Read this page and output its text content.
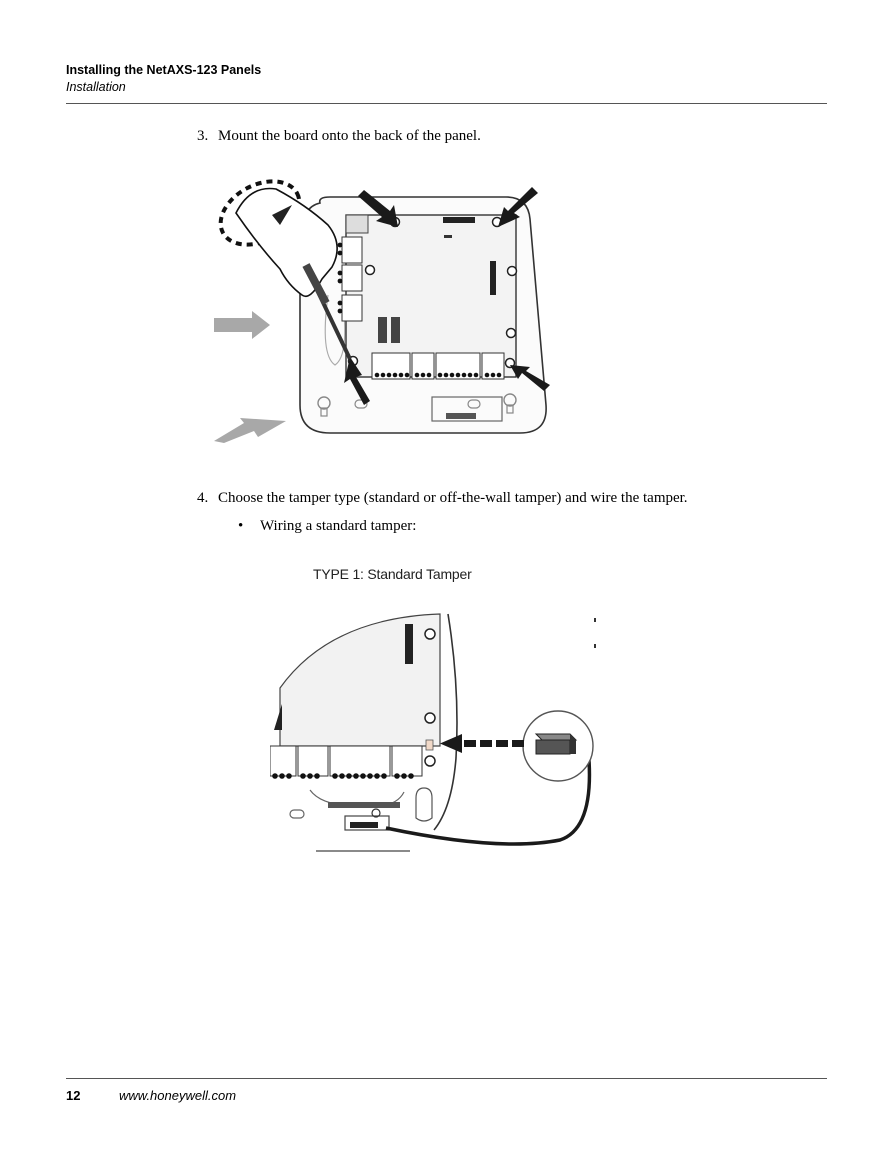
Installing the NetAXS-123 Panels
Installation
3. Mount the board onto the back of the panel.
4. Choose the tamper type (standard or off-the-wall tamper) and wire the tamper.
• Wiring a standard tamper:
TYPE 1: Standard Tamper
12	www.honeywell.com
